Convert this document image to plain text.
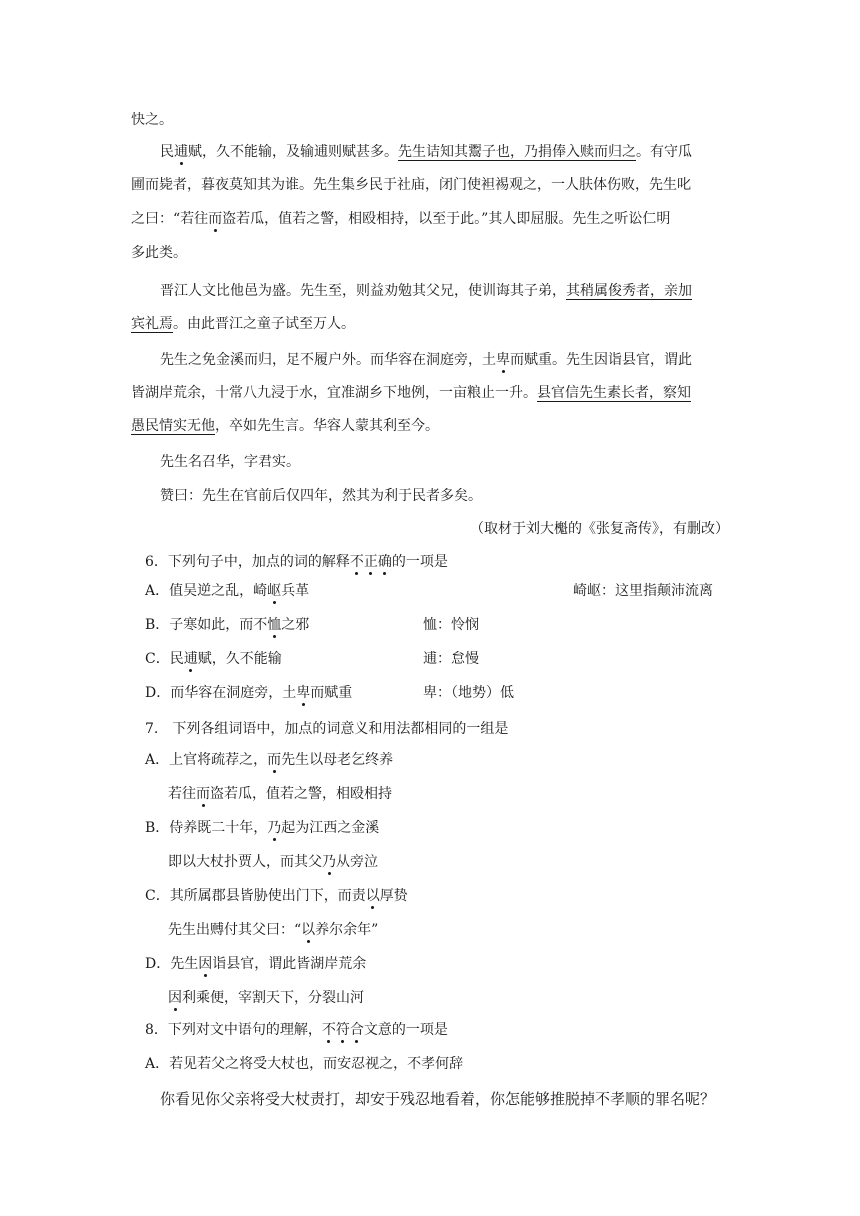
快之。
民逋赋，久不能输，及输逋则赋甚多。先生诘知其鬻子也，乃捐俸入赎而归之。有守瓜
圃而毙者，暮夜莫知其为谁。先生集乡民于社庙，闭门使袒裼观之，一人肤体伤败，先生叱
之曰：“若往而盗若瓜，值若之警，相殴相持，以至于此。”其人即屈服。先生之听讼仁明
多此类。
晋江人文比他邑为盛。先生至，则益劝勉其父兄，使训诲其子弟，其稍属俊秀者，亲加
宾礼焉。由此晋江之童子试至万人。
先生之免金溪而归，足不履户外。而华容在洞庭旁，土卑而赋重。先生因诣县官，谓此
皆湖岸荒余，十常八九浸于水，宜准湖乡下地例，一亩粮止一升。县官信先生素长者，察知
愚民情实无他，卒如先生言。华容人蒙其利至今。
先生名召华，字君实。
赞曰：先生在官前后仅四年，然其为利于民者多矣。
（取材于刘大櫆的《张复斋传》，有删改）
6．下列句子中，加点的词的解释不正确的一项是
A．值吴逆之乱，崎岖兵革	崎岖：这里指颠沛流离
B．子寒如此，而不恤之邪	恤：怜悯
C．民逋赋，久不能输	逋：怠慢
D．而华容在洞庭旁，土卑而赋重	卑：（地势）低
7.　下列各组词语中，加点的词意义和用法都相同的一组是
A．上官将疏荐之，而先生以母老乞终养
若往而盗若瓜，值若之警，相殴相持
B．侍养既二十年，乃起为江西之金溪
即以大杖扑贾人，而其父乃从旁泣
C．其所属郡县皆胁使出门下，而责以厚贽
先生出赙付其父曰：“以养尔余年”
D．先生因诣县官，谓此皆湖岸荒余
因利乘便，宰割天下，分裂山河
8．下列对文中语句的理解，不符合文意的一项是
A．若见若父之将受大杖也，而安忍视之，不孝何辞
你看见你父亲将受大杖责打，却安于残忍地看着，你怎能够推脱掉不孝顺的罪名呢？
